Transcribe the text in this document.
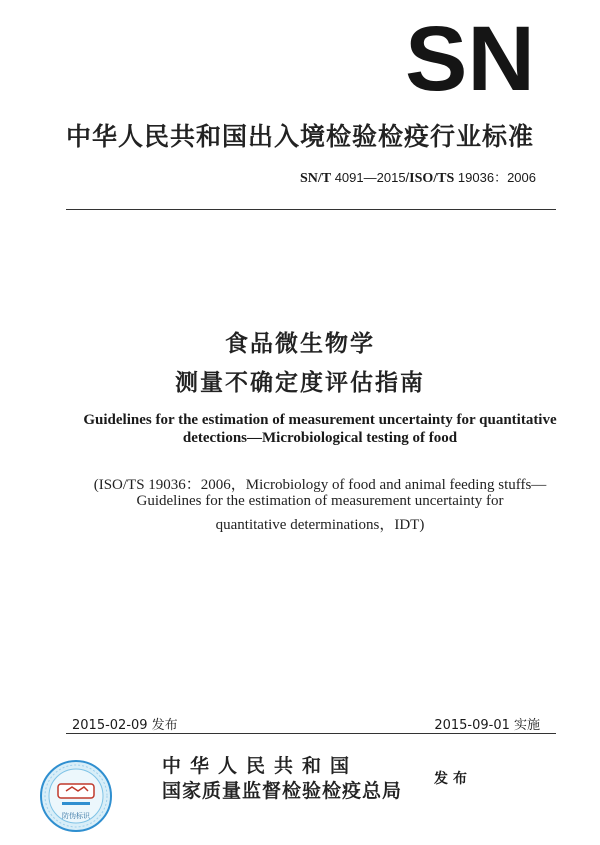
SN
中华人民共和国出入境检验检疫行业标准
SN/T 4091—2015/ISO/TS 19036：2006
食品微生物学
测量不确定度评估指南
Guidelines for the estimation of measurement uncertainty for quantitative
detections—Microbiological testing of food
(ISO/TS 19036：2006，Microbiology of food and animal feeding stuffs—
Guidelines for the estimation of measurement uncertainty for
quantitative determinations，IDT)
2015-02-09 发布	2015-09-01 实施
防伪标识
中华人民共和国
国家质量监督检验检疫总局
发布
